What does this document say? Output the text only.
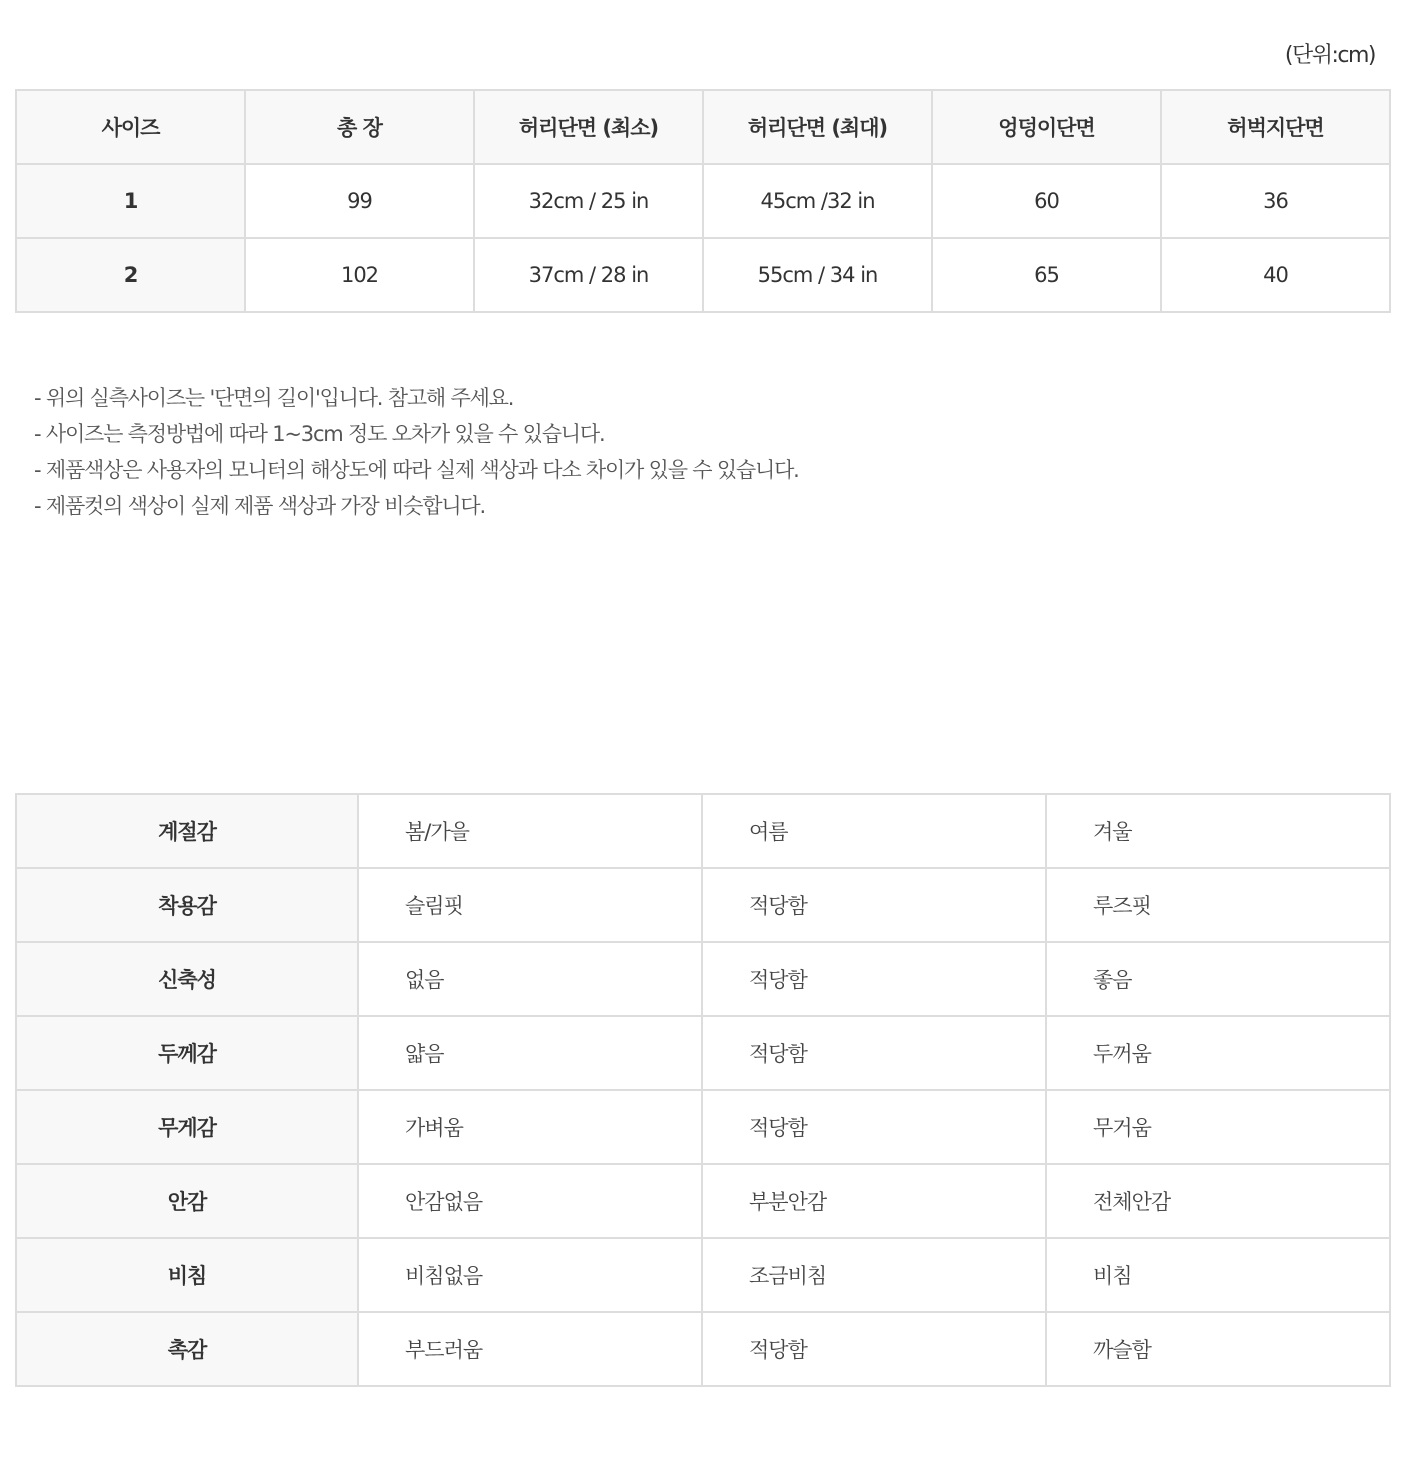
(단위:cm)
사이즈	총 장	허리단면 (최소)	허리단면 (최대)	엉덩이단면	허벅지단면
1	99	32cm / 25 in	45cm /32 in	60	36
2	102	37cm / 28 in	55cm / 34 in	65	40
- 위의 실측사이즈는 '단면의 길이'입니다. 참고해 주세요.
- 사이즈는 측정방법에 따라 1~3cm 정도 오차가 있을 수 있습니다.
- 제품색상은 사용자의 모니터의 해상도에 따라 실제 색상과 다소 차이가 있을 수 있습니다.
- 제품컷의 색상이 실제 제품 색상과 가장 비슷합니다.
계절감	봄/가을	여름	겨울
착용감	슬림핏	적당함	루즈핏
신축성	없음	적당함	좋음
두께감	얇음	적당함	두꺼움
무게감	가벼움	적당함	무거움
안감	안감없음	부분안감	전체안감
비침	비침없음	조금비침	비침
촉감	부드러움	적당함	까슬함
